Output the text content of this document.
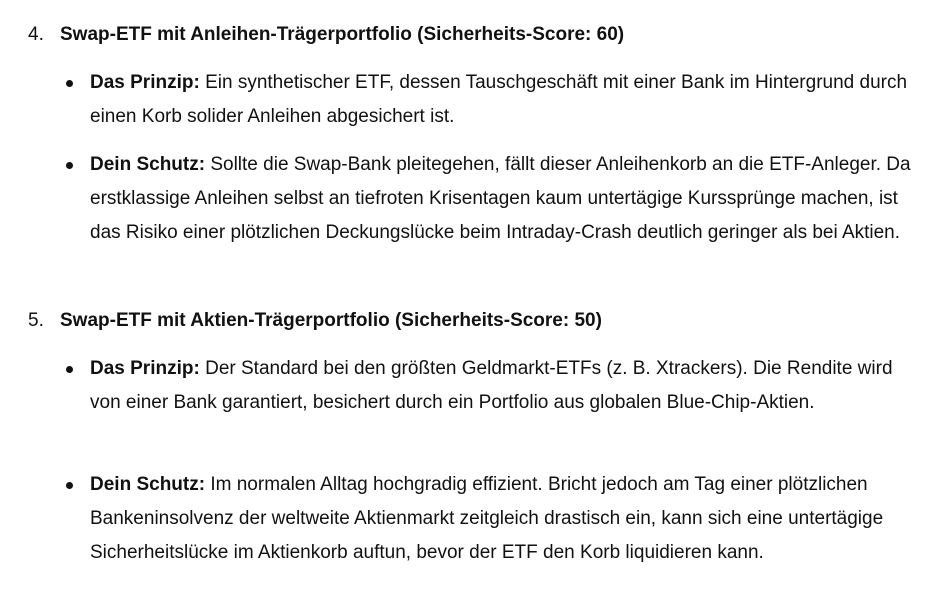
4. Swap-ETF mit Anleihen-Trägerportfolio (Sicherheits-Score: 60)
Das Prinzip: Ein synthetischer ETF, dessen Tauschgeschäft mit einer Bank im Hintergrund durch einen Korb solider Anleihen abgesichert ist.
Dein Schutz: Sollte die Swap-Bank pleitegehen, fällt dieser Anleihenkorb an die ETF-Anleger. Da erstklassige Anleihen selbst an tiefroten Krisentagen kaum untertägige Kurssprünge machen, ist das Risiko einer plötzlichen Deckungslücke beim Intraday-Crash deutlich geringer als bei Aktien.
5. Swap-ETF mit Aktien-Trägerportfolio (Sicherheits-Score: 50)
Das Prinzip: Der Standard bei den größten Geldmarkt-ETFs (z. B. Xtrackers). Die Rendite wird von einer Bank garantiert, besichert durch ein Portfolio aus globalen Blue-Chip-Aktien.
Dein Schutz: Im normalen Alltag hochgradig effizient. Bricht jedoch am Tag einer plötzlichen Bankeninsolvenz der weltweite Aktienmarkt zeitgleich drastisch ein, kann sich eine untertägige Sicherheitslücke im Aktienkorb auftun, bevor der ETF den Korb liquidieren kann.
